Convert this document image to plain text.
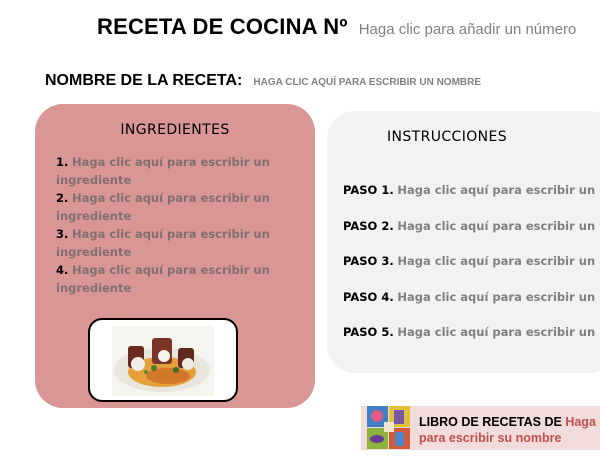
RECETA DE COCINA Nº Haga clic para añadir un número
NOMBRE DE LA RECETA: HAGA CLIC AQUÍ PARA ESCRIBIR UN NOMBRE
INGREDIENTES
1. Haga clic aquí para escribir un ingrediente
2. Haga clic aquí para escribir un ingrediente
3. Haga clic aquí para escribir un ingrediente
4. Haga clic aquí para escribir un ingrediente
INSTRUCCIONES
PASO 1. Haga clic aquí para escribir un
PASO 2. Haga clic aquí para escribir un
PASO 3. Haga clic aquí para escribir un
PASO 4. Haga clic aquí para escribir un
PASO 5. Haga clic aquí para escribir un
LIBRO DE RECETAS DE Haga
para escribir su nombre
